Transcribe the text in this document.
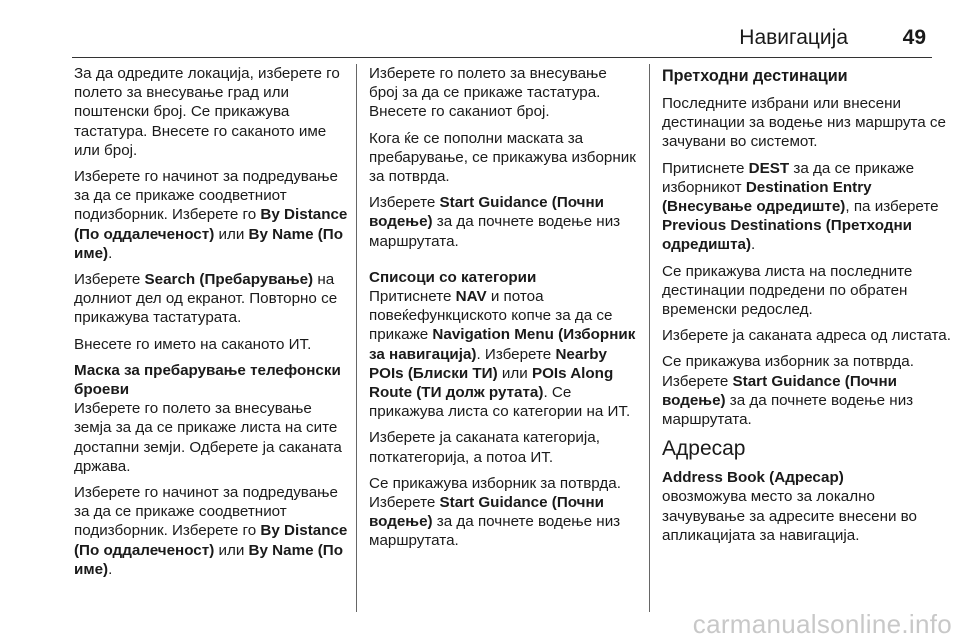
Навигација	49

За да одредите локација, изберете го полето за внесување град или поштенски број. Се прикажува тастатура. Внесете го саканото име или број.

Изберете го начинот за подредување за да се прикаже соодветниот подизборник. Изберете го By Distance (По оддалеченост) или By Name (По име).

Изберете Search (Пребарување) на долниот дел од екранот. Повторно се прикажува тастатурата.

Внесете го името на саканото ИТ.

Маска за пребарување телефонски броеви

Изберете го полето за внесување земја за да се прикаже листа на сите достапни земји. Одберете ја саканата држава.

Изберете го начинот за подредување за да се прикаже соодветниот подизборник. Изберете го By Distance (По оддалеченост) или By Name (По име).

Изберете го полето за внесување број за да се прикаже тастатура. Внесете го саканиот број.

Кога ќе се пополни маската за пребарување, се прикажува изборник за потврда.

Изберете Start Guidance (Почни водење) за да почнете водење низ маршрутата.

Списоци со категории

Притиснете NAV и потоа повеќефункциското копче за да се прикаже Navigation Menu (Изборник за навигација). Изберете Nearby POIs (Блиски ТИ) или POIs Along Route (ТИ долж рутата). Се прикажува листа со категории на ИТ.

Изберете ја саканата категорија, поткатегорија, а потоа ИТ.

Се прикажува изборник за потврда.

Изберете Start Guidance (Почни водење) за да почнете водење низ маршрутата.

Претходни дестинации

Последните избрани или внесени дестинации за водење низ маршрута се зачувани во системот.

Притиснете DEST за да се прикаже изборникот Destination Entry (Внесување одредиште), па изберете Previous Destinations (Претходни одредишта).

Се прикажува листа на последните дестинации подредени по обратен временски редослед.

Изберете ја саканата адреса од листата.

Се прикажува изборник за потврда.

Изберете Start Guidance (Почни водење) за да почнете водење низ маршрутата.

Адресар
Address Book (Адресар)

овозможува место за локално зачувување за адресите внесени во апликацијата за навигација.

carmanualsonline.info
